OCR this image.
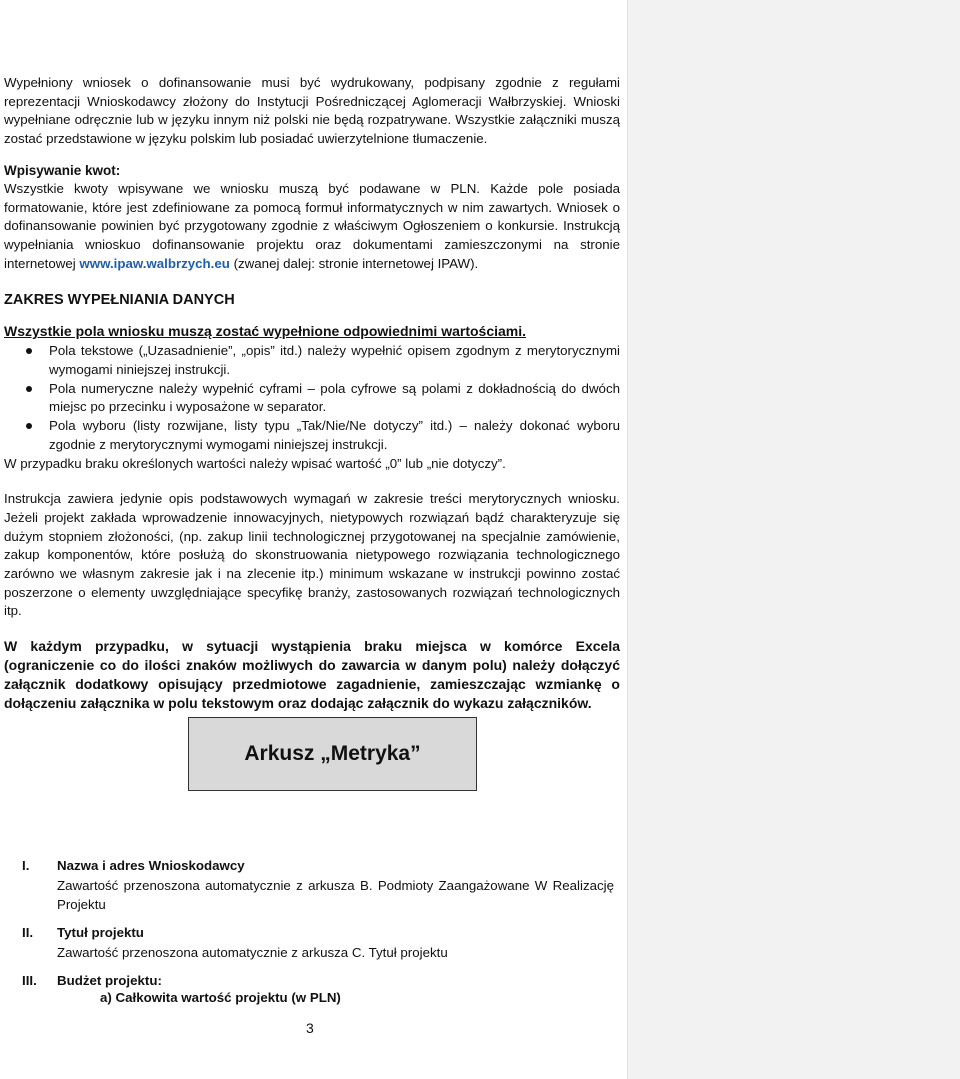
Wypełniony wniosek o dofinansowanie musi być wydrukowany, podpisany zgodnie z regułami reprezentacji Wnioskodawcy złożony do Instytucji Pośredniczącej Aglomeracji Wałbrzyskiej. Wnioski wypełniane odręcznie lub w języku innym niż polski nie będą rozpatrywane. Wszystkie załączniki muszą zostać przedstawione w języku polskim lub posiadać uwierzytelnione tłumaczenie.

Wpisywanie kwot:

Wszystkie kwoty wpisywane we wniosku muszą być podawane w PLN. Każde pole posiada formatowanie, które jest zdefiniowane za pomocą formuł informatycznych w nim zawartych. Wniosek o dofinansowanie powinien być przygotowany zgodnie z właściwym Ogłoszeniem o konkursie. Instrukcją wypełniania wnioskuo dofinansowanie projektu oraz dokumentami zamieszczonymi na stronie internetowej www.ipaw.walbrzych.eu (zwanej dalej: stronie internetowej IPAW).

ZAKRES WYPEŁNIANIA DANYCH

Wszystkie pola wniosku muszą zostać wypełnione odpowiednimi wartościami.

Pola tekstowe („Uzasadnienie”, „opis” itd.) należy wypełnić opisem zgodnym z merytorycznymi wymogami niniejszej instrukcji.
Pola numeryczne należy wypełnić cyframi – pola cyfrowe są polami z dokładnością do dwóch miejsc po przecinku i wyposażone w separator.
Pola wyboru (listy rozwijane, listy typu „Tak/Nie/Ne dotyczy” itd.) – należy dokonać wyboru zgodnie z merytorycznymi wymogami niniejszej instrukcji.

W przypadku braku określonych wartości należy wpisać wartość „0” lub „nie dotyczy”.

Instrukcja zawiera jedynie opis podstawowych wymagań w zakresie treści merytorycznych wniosku. Jeżeli projekt zakłada wprowadzenie innowacyjnych, nietypowych rozwiązań bądź charakteryzuje się dużym stopniem złożoności, (np. zakup linii technologicznej przygotowanej na specjalnie zamówienie, zakup komponentów, które posłużą do skonstruowania nietypowego rozwiązania technologicznego zarówno we własnym zakresie jak i na zlecenie itp.) minimum wskazane w instrukcji powinno zostać poszerzone o elementy uwzględniające specyfikę branży, zastosowanych rozwiązań technologicznych itp.

W każdym przypadku, w sytuacji wystąpienia braku miejsca w komórce Excela (ograniczenie co do ilości znaków możliwych do zawarcia w danym polu) należy dołączyć załącznik dodatkowy opisujący przedmiotowe zagadnienie, zamieszczając wzmiankę o dołączeniu załącznika w polu tekstowym oraz dodając załącznik do wykazu załączników.

Arkusz „Metryka”
I.	Nazwa i adres Wnioskodawcy
Zawartość przenoszona automatycznie z arkusza B. Podmioty Zaangażowane W Realizację Projektu
II.	Tytuł projektu
Zawartość przenoszona automatycznie z arkusza C. Tytuł projektu
III.	Budżet projektu:
a) Całkowita wartość projektu (w PLN)
3
